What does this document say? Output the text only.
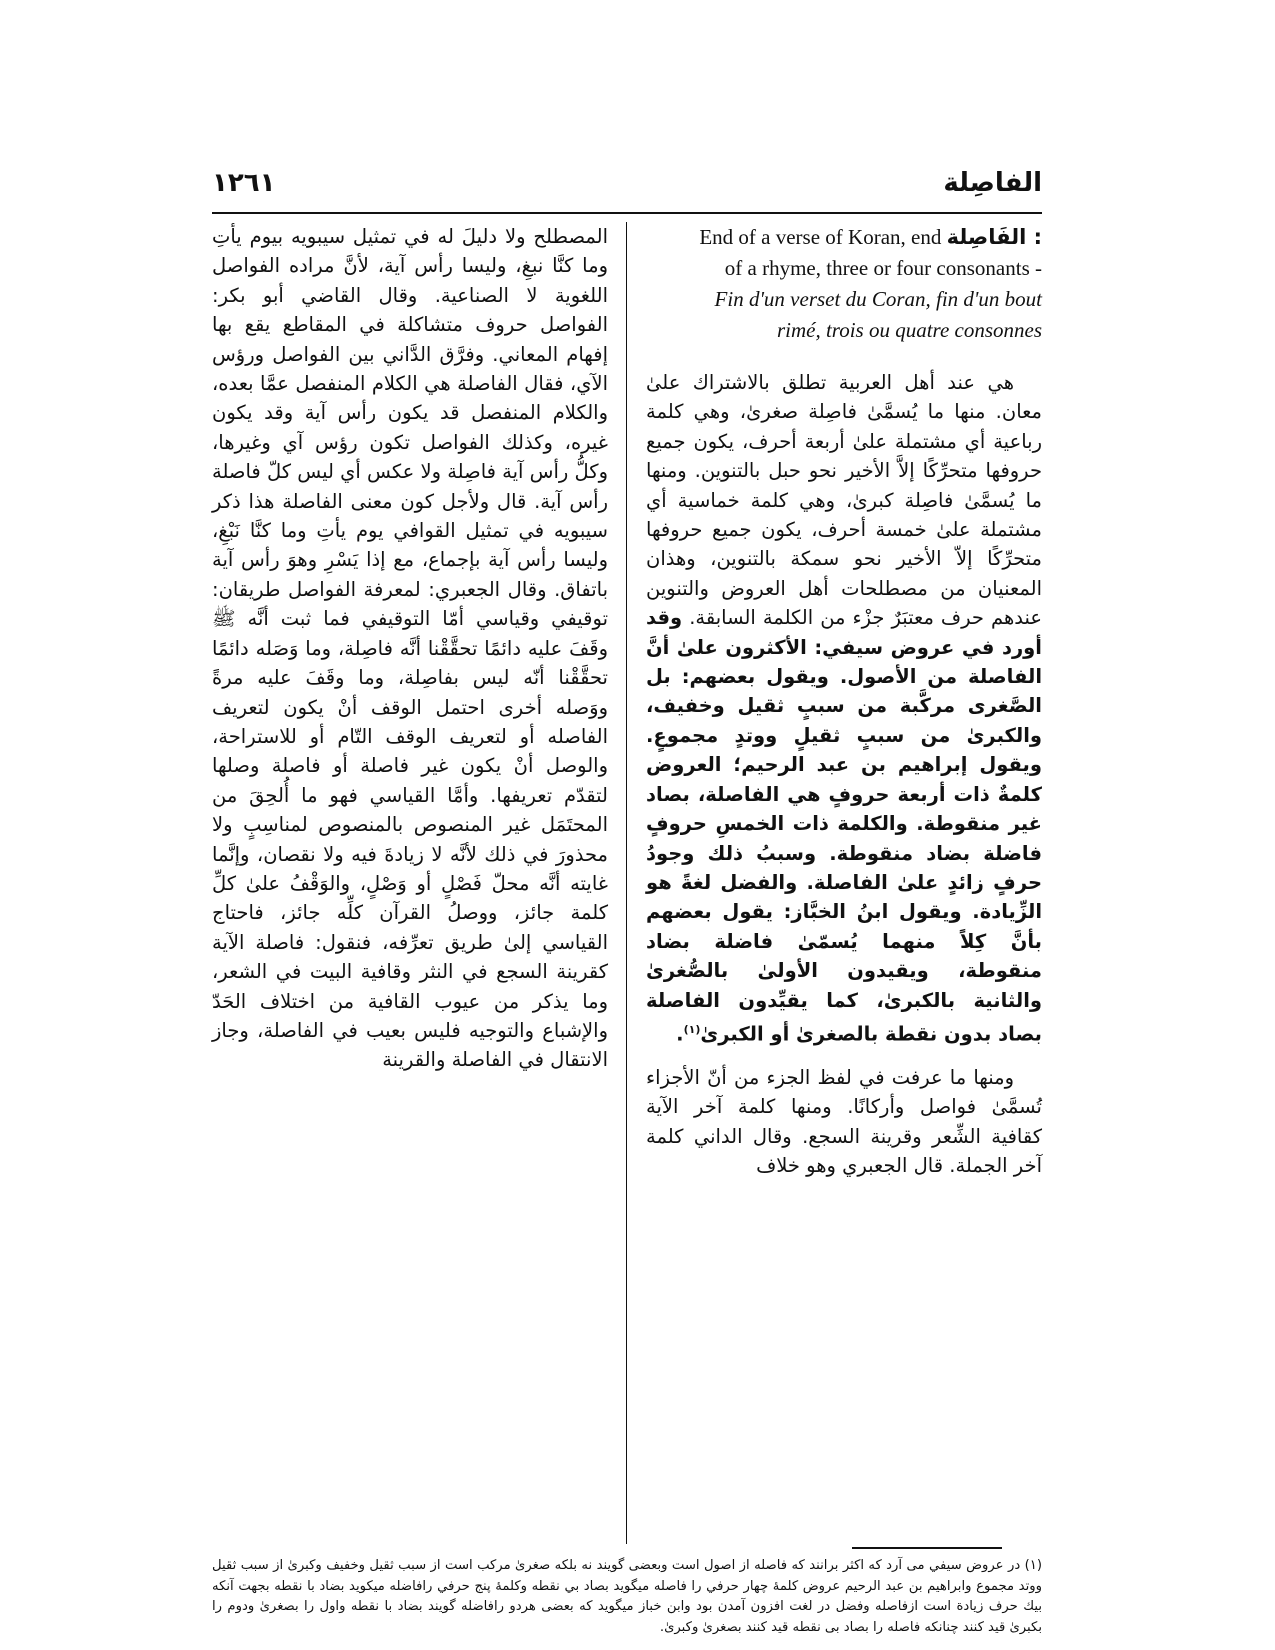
الفاصِلة
١٢٦١
End of a verse of Koran, end الفَاصِلة :
of a rhyme, three or four consonants -
Fin d'un verset du Coran, fin d'un bout
rimé, trois ou quatre consonnes

هي عند أهل العربية تطلق بالاشتراك علىٰ معان. منها ما يُسمَّىٰ فاصِلة صغرىٰ، وهي كلمة رباعية أي مشتملة علىٰ أربعة أحرف، يكون جميع حروفها متحرِّكًا إلاَّ الأخير نحو حبل بالتنوين. ومنها ما يُسمَّىٰ فاصِلة كبرىٰ، وهي كلمة خماسية أي مشتملة علىٰ خمسة أحرف، يكون جميع حروفها متحرِّكًا إلاّ الأخير نحو سمكة بالتنوين، وهذان المعنيان من مصطلحات أهل العروض والتنوين عندهم حرف معتبَرٌ جزْء من الكلمة السابقة. وقد أورد في عروض سيفي: الأكثرون علىٰ أنَّ الفاصلة من الأصول. ويقول بعضهم: بل الصَّغرى مركَّبة من سببٍ ثقيل وخفيف، والكبرىٰ من سببٍ ثقيلٍ ووتدٍ مجموعٍ. ويقول إبراهيم بن عبد الرحيم؛ العروض كلمةٌ ذات أربعة حروفٍ هي الفاصلة، بصاد غير منقوطة. والكلمة ذات الخمسِ حروفٍ فاضلة بضاد منقوطة. وسببُ ذلك وجودُ حرفٍ زائدٍ علىٰ الفاصلة. والفضل لغةً هو الزِّيادة. ويقول ابنُ الخبَّاز: يقول بعضهم بأنَّ كِلاً منهما يُسمّىٰ فاضلة بضاد منقوطة، ويقيدون الأولىٰ بالصُّغرىٰ والثانية بالكبرىٰ، كما يقيِّدون الفاصلة بصاد بدون نقطة بالصغرىٰ أو الكبرىٰ$^{(١)}$.

ومنها ما عرفت في لفظ الجزء من أنّ الأجزاء تُسمَّىٰ فواصل وأركانًا. ومنها كلمة آخر الآية كقافية الشِّعر وقرينة السجع. وقال الداني كلمة آخر الجملة. قال الجعبري وهو خلاف

المصطلح ولا دليلَ له في تمثيل سيبويه بيوم يأتِ وما كنَّا نبغِ، وليسا رأس آية، لأنَّ مراده الفواصل اللغوية لا الصناعية. وقال القاضي أبو بكر: الفواصل حروف متشاكلة في المقاطع يقع بها إفهام المعاني. وفرَّق الدَّاني بين الفواصل ورؤس الآي، فقال الفاصلة هي الكلام المنفصل عمَّا بعده، والكلام المنفصل قد يكون رأس آية وقد يكون غيره، وكذلك الفواصل تكون رؤس آي وغيرها، وكلُّ رأس آية فاصِلة ولا عكس أي ليس كلّ فاصلة رأس آية. قال ولأجل كون معنى الفاصلة هذا ذكر سيبويه في تمثيل القوافي يوم يأتِ وما كنَّا نَبْغِ، وليسا رأس آية بإجماع، مع إذا يَسْرِ وهوَ رأس آية باتفاق. وقال الجعبري: لمعرفة الفواصل طريقان: توقيفي وقياسي أمّا التوقيفي فما ثبت أنَّه ﷺ وقَفَ عليه دائمًا تحقَّقْنا أنَّه فاصِلة، وما وَصَله دائمًا تحقَّقْنا أنّه ليس بفاصِلة، وما وقَفَ عليه مرةً ووَصله أخرى احتمل الوقف أنْ يكون لتعريف الفاصله أو لتعريف الوقف التّام أو للاستراحة، والوصل أنْ يكون غير فاصلة أو فاصلة وصلها لتقدّم تعريفها. وأمَّا القياسي فهو ما أُلحِقَ من المحتَمَل غير المنصوص بالمنصوص لمناسِبٍ ولا محذورَ في ذلك لأنَّه لا زيادةَ فيه ولا نقصان، وإنَّما غايته أنَّه محلّ فَصْلٍ أو وَصْلٍ، والوَقْفُ علىٰ كلِّ كلمة جائز، ووصلُ القرآن كلِّه جائز، فاحتاج القياسي إلىٰ طريق تعرِّفه، فنقول: فاصلة الآية كقرينة السجع في النثر وقافية البيت في الشعر، وما يذكر من عيوب القافية من اختلاف الحَدّ والإشباع والتوجيه فليس بعيب في الفاصلة، وجاز الانتقال في الفاصلة والقرينة

(١) در عروض سيفي مى آرد كه اكثر برانند كه فاصله از اصول است وبعضى گويند نه بلكه صغرىٰ مركب است از سبب ثقيل وخفيف وكبرىٰ از سبب ثقيل ووتد مجموع وابراهيم بن عبد الرحيم عروض كلمهٔ چهار حرفي را فاصله ميگويد بصاد بي نقطه وكلمهٔ پنج حرفي رافاضله ميكويد بضاد با نقطه بجهت آنكه بيك حرف زيادة است ازفاصله وفضل در لغت افزون آمدن بود وابن خباز ميگويد كه بعضى هردو رافاضله گويند بضاد با نقطه واول را بصغرىٰ ودوم را بكبرىٰ قيد كنند چنانكه فاصله را بصاد بى نقطه قيد كنند بصغرىٰ وكبرىٰ.
